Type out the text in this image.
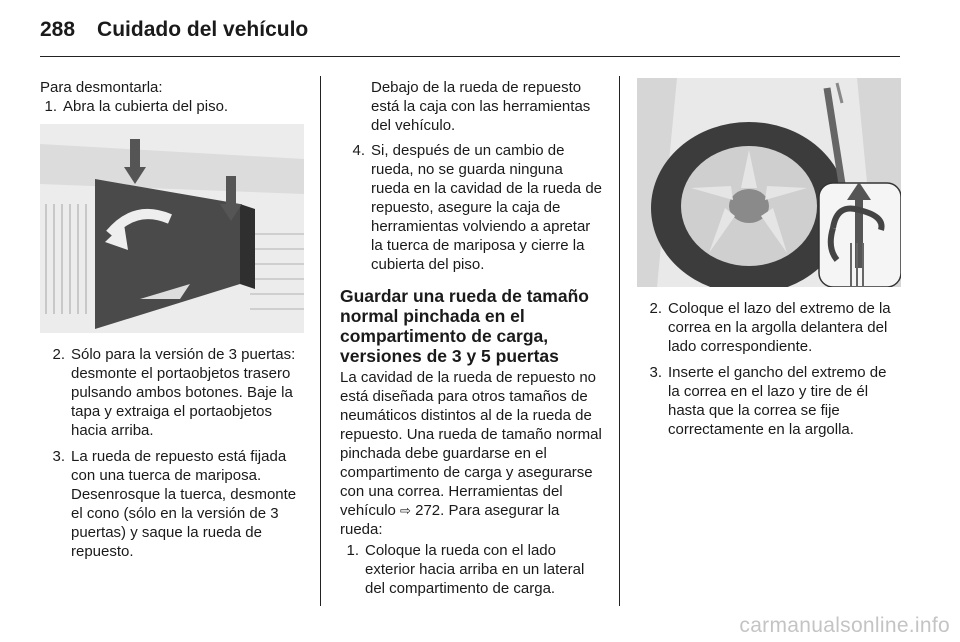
288 Cuidado del vehículo

Para desmontarla:

1. Abra la cubierta del piso.
2. Sólo para la versión de 3 puertas: desmonte el portaobjetos trasero pulsando ambos botones. Baje la tapa y extraiga el portaobjetos hacia arriba.
3. La rueda de repuesto está fijada con una tuerca de mariposa. Desenrosque la tuerca, desmonte el cono (sólo en la versión de 3 puertas) y saque la rueda de repuesto.

Debajo de la rueda de repuesto está la caja con las herramientas del vehículo.

4. Si, después de un cambio de rueda, no se guarda ninguna rueda en la cavidad de la rueda de repuesto, asegure la caja de herramientas volviendo a apretar la tuerca de mariposa y cierre la cubierta del piso.
Guardar una rueda de tamaño normal pinchada en el compartimento de carga, versiones de 3 y 5 puertas

La cavidad de la rueda de repuesto no está diseñada para otros tamaños de neumáticos distintos al de la rueda de repuesto. Una rueda de tamaño normal pinchada debe guardarse en el compartimento de carga y asegurarse con una correa. Herramientas del vehículo ⇨ 272. Para asegurar la rueda:

1. Coloque la rueda con el lado exterior hacia arriba en un lateral del compartimento de carga.
2. Coloque el lazo del extremo de la correa en la argolla delantera del lado correspondiente.
3. Inserte el gancho del extremo de la correa en el lazo y tire de él hasta que la correa se fije correctamente en la argolla.
carmanualsonline.info
